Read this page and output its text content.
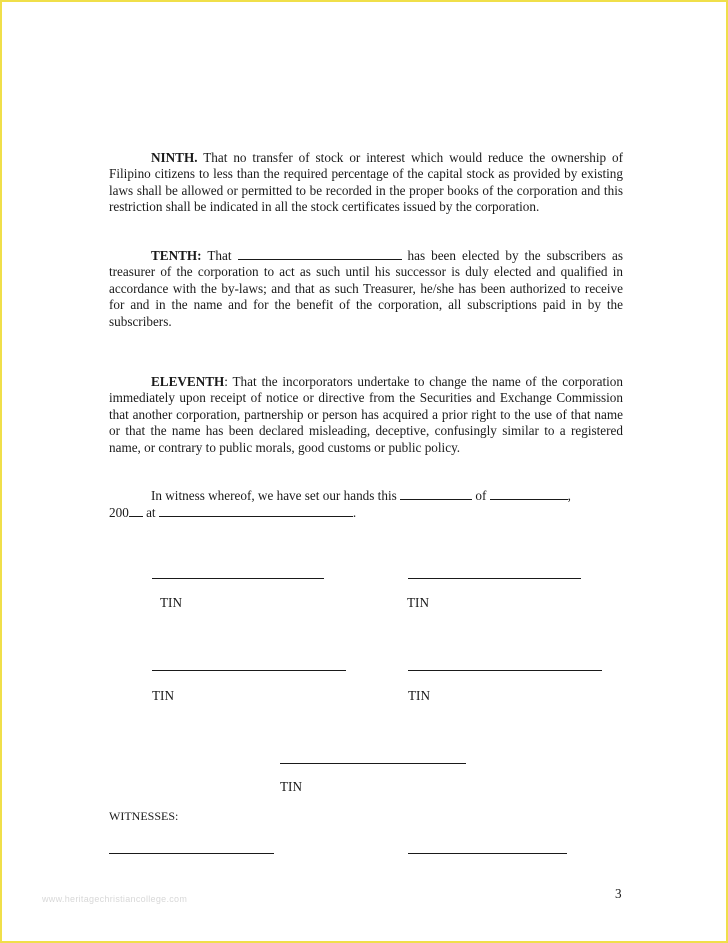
NINTH. That no transfer of stock or interest which would reduce the ownership of Filipino citizens to less than the required percentage of the capital stock as provided by existing laws shall be allowed or permitted to be recorded in the proper books of the corporation and this restriction shall be indicated in all the stock certificates issued by the corporation.

TENTH: That	has been elected by the subscribers as treasurer of the corporation to act as such until his successor is duly elected and qualified in accordance with the by-laws; and that as such Treasurer, he/she has been authorized to receive for and in the name and for the benefit of the corporation, all subscriptions paid in by the subscribers.

ELEVENTH: That the incorporators undertake to change the name of the corporation immediately upon receipt of notice or directive from the Securities and Exchange Commission that another corporation, partnership or person has acquired a prior right to the use of that name or that the name has been declared misleading, deceptive, confusingly similar to a registered name, or contrary to public morals, good customs or public policy.

In witness whereof, we have set our hands this	of	,
200 at	.

TIN	TIN
TIN	TIN
TIN
WITNESSES:
3
www.heritagechristiancollege.com
